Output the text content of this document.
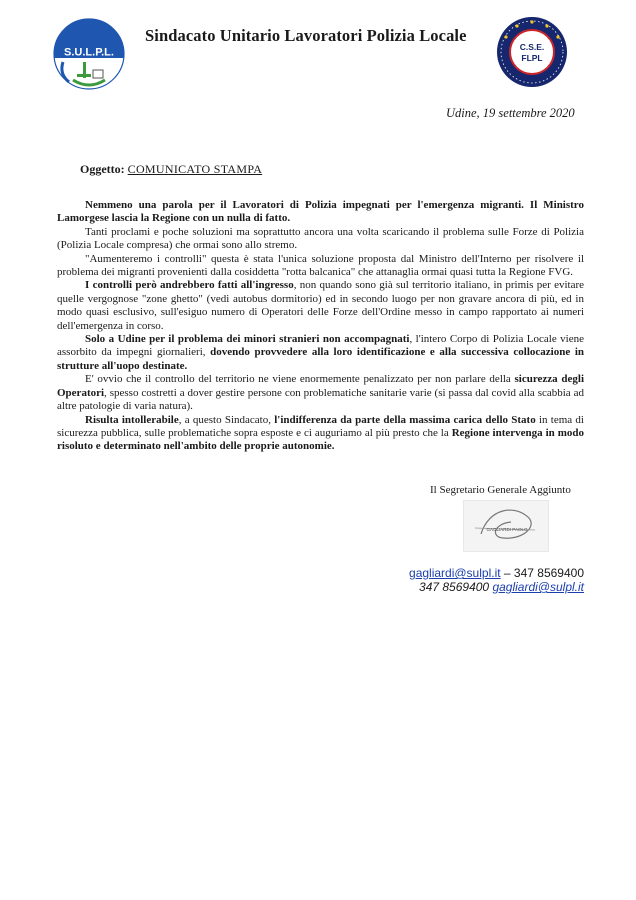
S.U.L.P.L.
Sindacato Unitario Lavoratori Polizia Locale
C.S.E.
FLPL
Udine, 19 settembre 2020
Oggetto: COMUNICATO STAMPA

Nemmeno una parola per il Lavoratori di Polizia impegnati per l'emergenza migranti. Il Ministro Lamorgese lascia la Regione con un nulla di fatto.

Tanti proclami e poche soluzioni ma soprattutto ancora una volta scaricando il problema sulle Forze di Polizia (Polizia Locale compresa) che ormai sono allo stremo.

"Aumenteremo i controlli" questa è stata l'unica soluzione proposta dal Ministro dell'Interno per risolvere il problema dei migranti provenienti dalla cosiddetta "rotta balcanica" che attanaglia ormai quasi tutta la Regione FVG.

I controlli però andrebbero fatti all'ingresso, non quando sono già sul territorio italiano, in primis per evitare quelle vergognose "zone ghetto" (vedi autobus dormitorio) ed in secondo luogo per non gravare ancora di più, ed in modo quasi esclusivo, sull'esiguo numero di Operatori delle Forze dell'Ordine messo in campo rapportato ai numeri dell'emergenza in corso.

Solo a Udine per il problema dei minori stranieri non accompagnati, l'intero Corpo di Polizia Locale viene assorbito da impegni giornalieri, dovendo provvedere alla loro identificazione e alla successiva collocazione in strutture all'uopo destinate.

E' ovvio che il controllo del territorio ne viene enormemente penalizzato per non parlare della sicurezza degli Operatori, spesso costretti a dover gestire persone con problematiche sanitarie varie (si passa dal covid alla scabbia ad altre patologie di varia natura).

Risulta intollerabile, a questo Sindacato, l'indifferenza da parte della massima carica dello Stato in tema di sicurezza pubblica, sulle problematiche sopra esposte e ci auguriamo al più presto che la Regione intervenga in modo risoluto e determinato nell'ambito delle proprie autonomie.

Il Segretario Generale Aggiunto
GAGLIARDI PAOLO
gagliardi@sulpl.it – 347 8569400
347 8569400 gagliardi@sulpl.it
